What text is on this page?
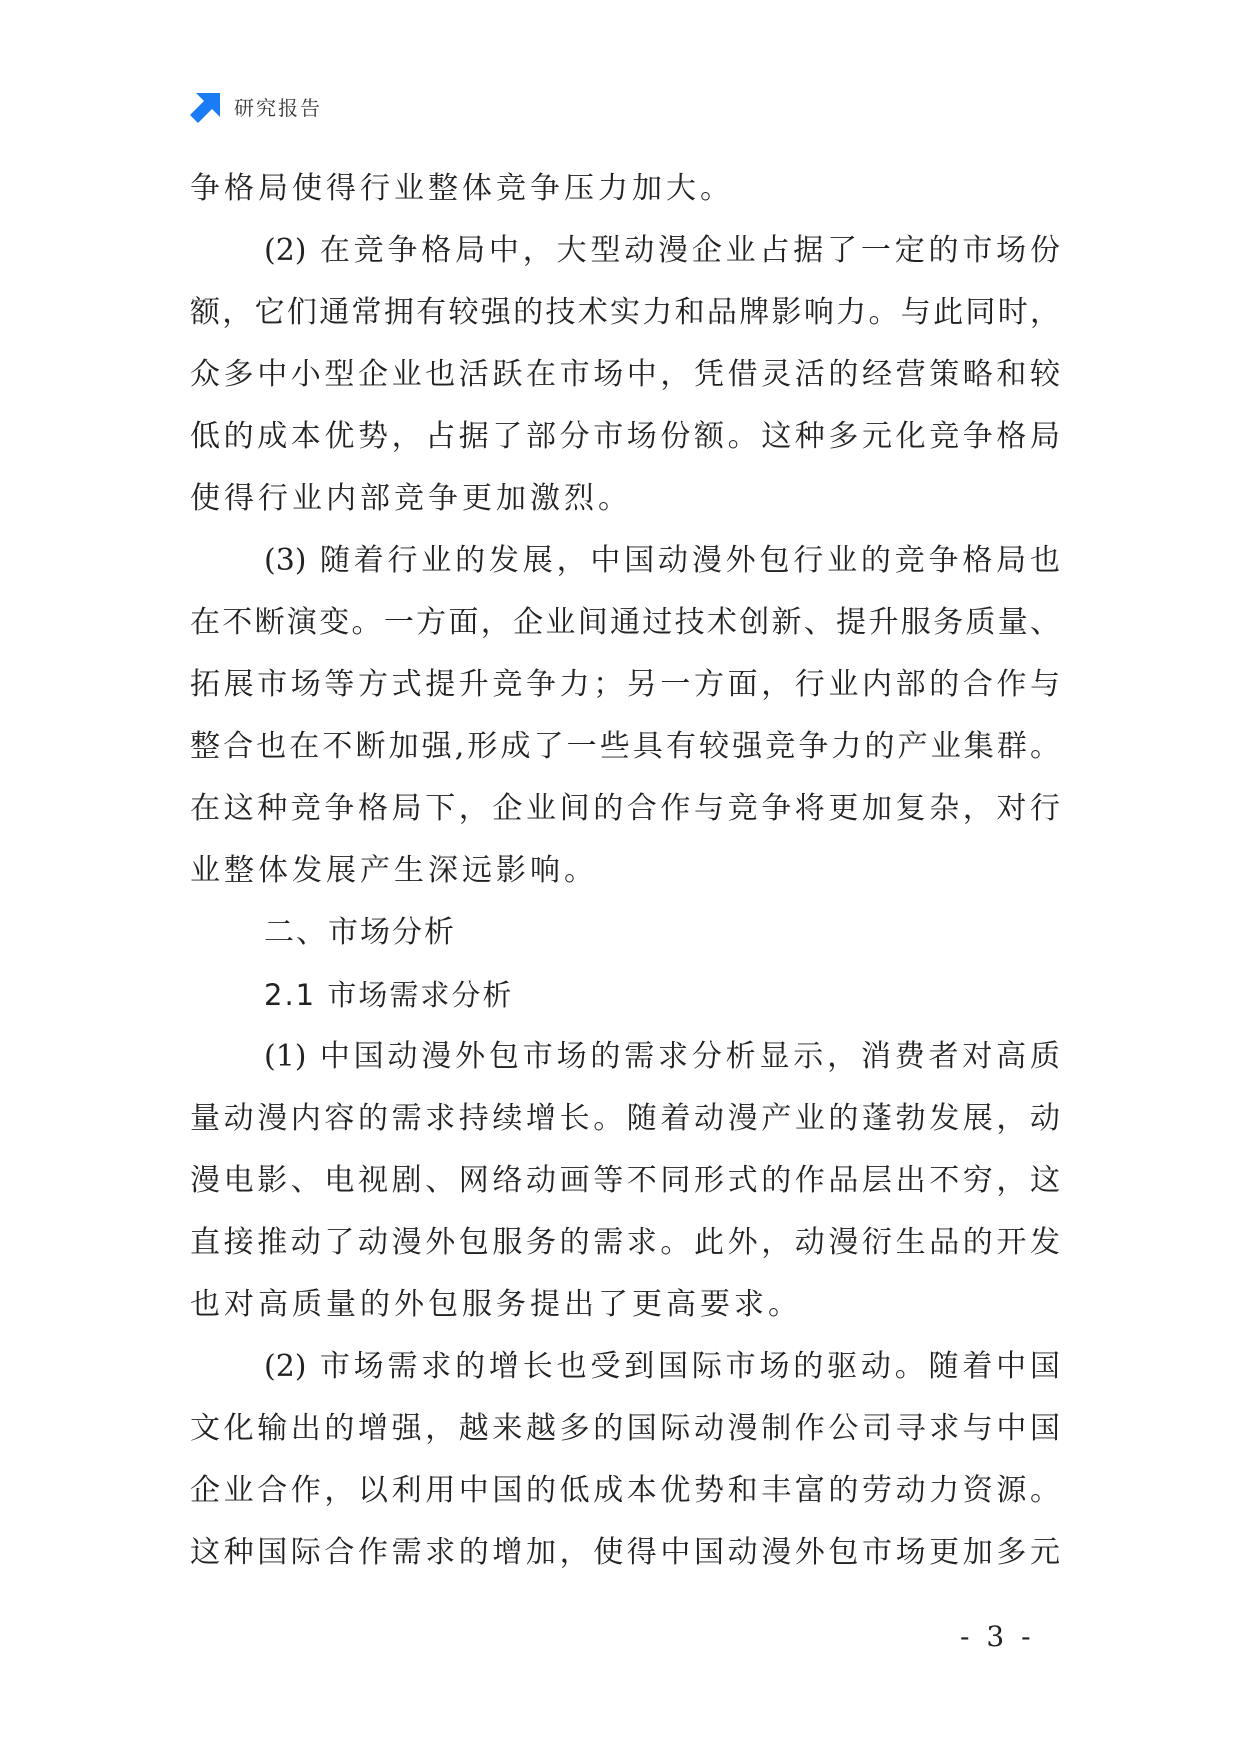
研究报告
争格局使得行业整体竞争压力加大。
(2) 在竞争格局中，大型动漫企业占据了一定的市场份
额，它们通常拥有较强的技术实力和品牌影响力。与此同时，
众多中小型企业也活跃在市场中，凭借灵活的经营策略和较
低的成本优势，占据了部分市场份额。这种多元化竞争格局
使得行业内部竞争更加激烈。
(3) 随着行业的发展，中国动漫外包行业的竞争格局也
在不断演变。一方面，企业间通过技术创新、提升服务质量、
拓展市场等方式提升竞争力；另一方面，行业内部的合作与
整合也在不断加强,形成了一些具有较强竞争力的产业集群。
在这种竞争格局下，企业间的合作与竞争将更加复杂，对行
业整体发展产生深远影响。
二、市场分析
2.1 市场需求分析
(1) 中国动漫外包市场的需求分析显示，消费者对高质
量动漫内容的需求持续增长。随着动漫产业的蓬勃发展，动
漫电影、电视剧、网络动画等不同形式的作品层出不穷，这
直接推动了动漫外包服务的需求。此外，动漫衍生品的开发
也对高质量的外包服务提出了更高要求。
(2) 市场需求的增长也受到国际市场的驱动。随着中国
文化输出的增强，越来越多的国际动漫制作公司寻求与中国
企业合作，以利用中国的低成本优势和丰富的劳动力资源。
这种国际合作需求的增加，使得中国动漫外包市场更加多元
- 3 -
